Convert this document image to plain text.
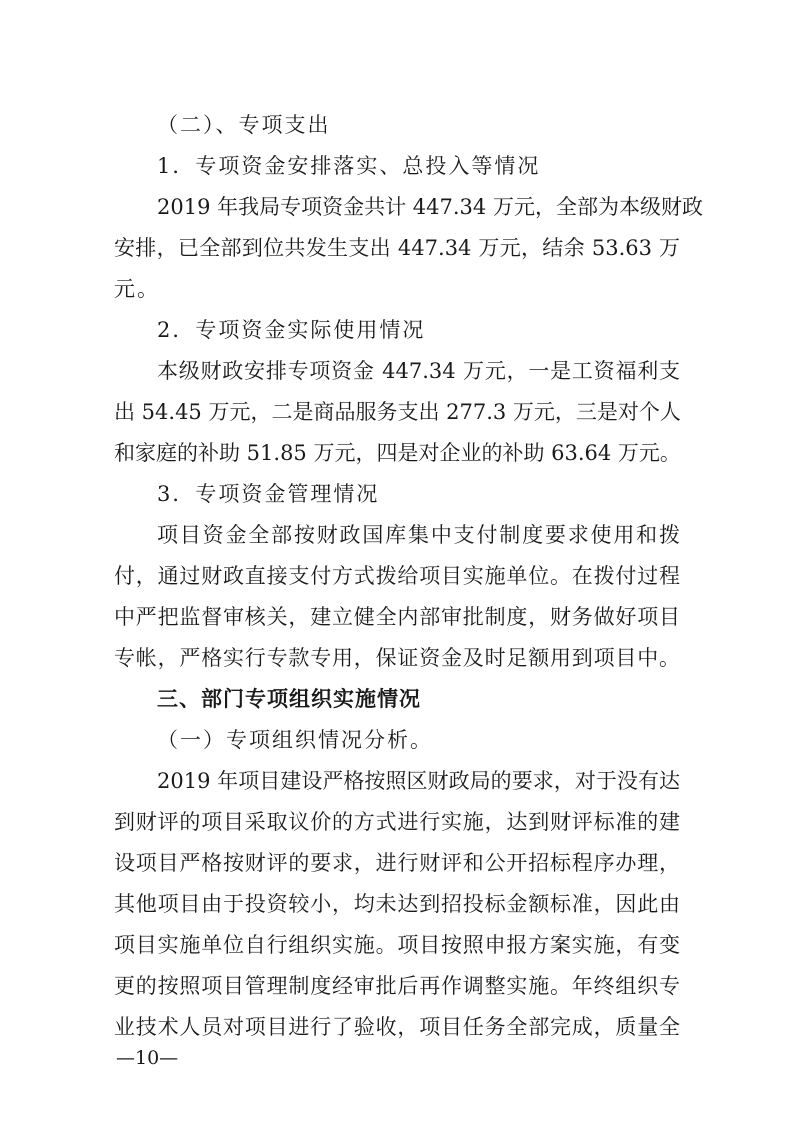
（二）、专项支出
1．专项资金安排落实、总投入等情况
2019 年我局专项资金共计 447.34 万元，全部为本级财政
安排，已全部到位共发生支出 447.34 万元，结余 53.63 万
元。
2．专项资金实际使用情况
本级财政安排专项资金 447.34 万元，一是工资福利支
出 54.45 万元，二是商品服务支出 277.3 万元，三是对个人
和家庭的补助 51.85 万元，四是对企业的补助 63.64 万元。
3．专项资金管理情况
项目资金全部按财政国库集中支付制度要求使用和拨
付，通过财政直接支付方式拨给项目实施单位。在拨付过程
中严把监督审核关，建立健全内部审批制度，财务做好项目
专帐，严格实行专款专用，保证资金及时足额用到项目中。
三、部门专项组织实施情况
（一）专项组织情况分析。
2019 年项目建设严格按照区财政局的要求，对于没有达
到财评的项目采取议价的方式进行实施，达到财评标准的建
设项目严格按财评的要求，进行财评和公开招标程序办理，
其他项目由于投资较小，均未达到招投标金额标准，因此由
项目实施单位自行组织实施。项目按照申报方案实施，有变
更的按照项目管理制度经审批后再作调整实施。年终组织专
业技术人员对项目进行了验收，项目任务全部完成，质量全
—10—
